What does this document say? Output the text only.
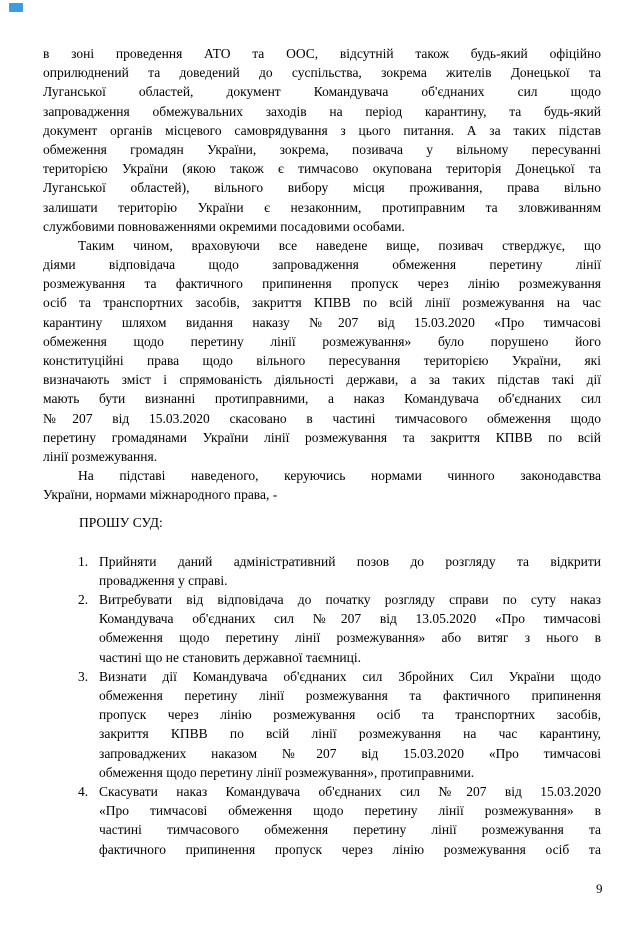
в зоні проведення АТО та ООС, відсутній також будь-який офіційно
оприлюднений та доведений до суспільства, зокрема жителів Донецької та
Луганської областей, документ Командувача об'єднаних сил щодо
запровадження обмежувальних заходів на період карантину, та будь-який
документ органів місцевого самоврядування з цього питання. А за таких підстав
обмеження громадян України, зокрема, позивача у вільному пересуванні
територією України (якою також є тимчасово окупована територія Донецької та
Луганської областей), вільного вибору місця проживання, права вільно
залишати територію України є незаконним, протиправним та зловживанням
службовими повноваженнями окремими посадовими особами.
Таким чином, враховуючи все наведене вище, позивач стверджує, що
діями відповідача щодо запровадження обмеження перетину лінії
розмежування та фактичного припинення пропуск через лінію розмежування
осіб та транспортних засобів, закриття КПВВ по всій лінії розмежування на час
карантину шляхом видання наказу №207 від 15.03.2020 «Про тимчасові
обмеження щодо перетину лінії розмежування» було порушено його
конституційні права щодо вільного пересування територією України, які
визначають зміст і спрямованість діяльності держави, а за таких підстав такі дії
мають бути визнанні протиправними, а наказ Командувача об'єднаних сил
№207 від 15.03.2020 скасовано в частині тимчасового обмеження щодо
перетину громадянами України лінії розмежування та закриття КПВВ по всій
лінії розмежування.
На підставі наведеного, керуючись нормами чинного законодавства
України, нормами міжнародного права, -
ПРОШУ СУД:
1. Прийняти даний адміністративний позов до розгляду та відкрити
провадження у справі.
2. Витребувати від відповідача до початку розгляду справи по суту наказ
Командувача об'єднаних сил №207 від 13.05.2020 «Про тимчасові
обмеження щодо перетину лінії розмежування» або витяг з нього в
частині що не становить державної таємниці.
3. Визнати дії Командувача об'єднаних сил Збройних Сил України щодо
обмеження перетину лінії розмежування та фактичного припинення
пропуск через лінію розмежування осіб та транспортних засобів,
закриття КПВВ по всій лінії розмежування на час карантину,
запроваджених наказом №207 від 15.03.2020 «Про тимчасові
обмеження щодо перетину лінії розмежування», протиправними.
4. Скасувати наказ Командувача об'єднаних сил №207 від 15.03.2020
«Про тимчасові обмеження щодо перетину лінії розмежування» в
частині тимчасового обмеження перетину лінії розмежування та
фактичного припинення пропуск через лінію розмежування осіб та
9
